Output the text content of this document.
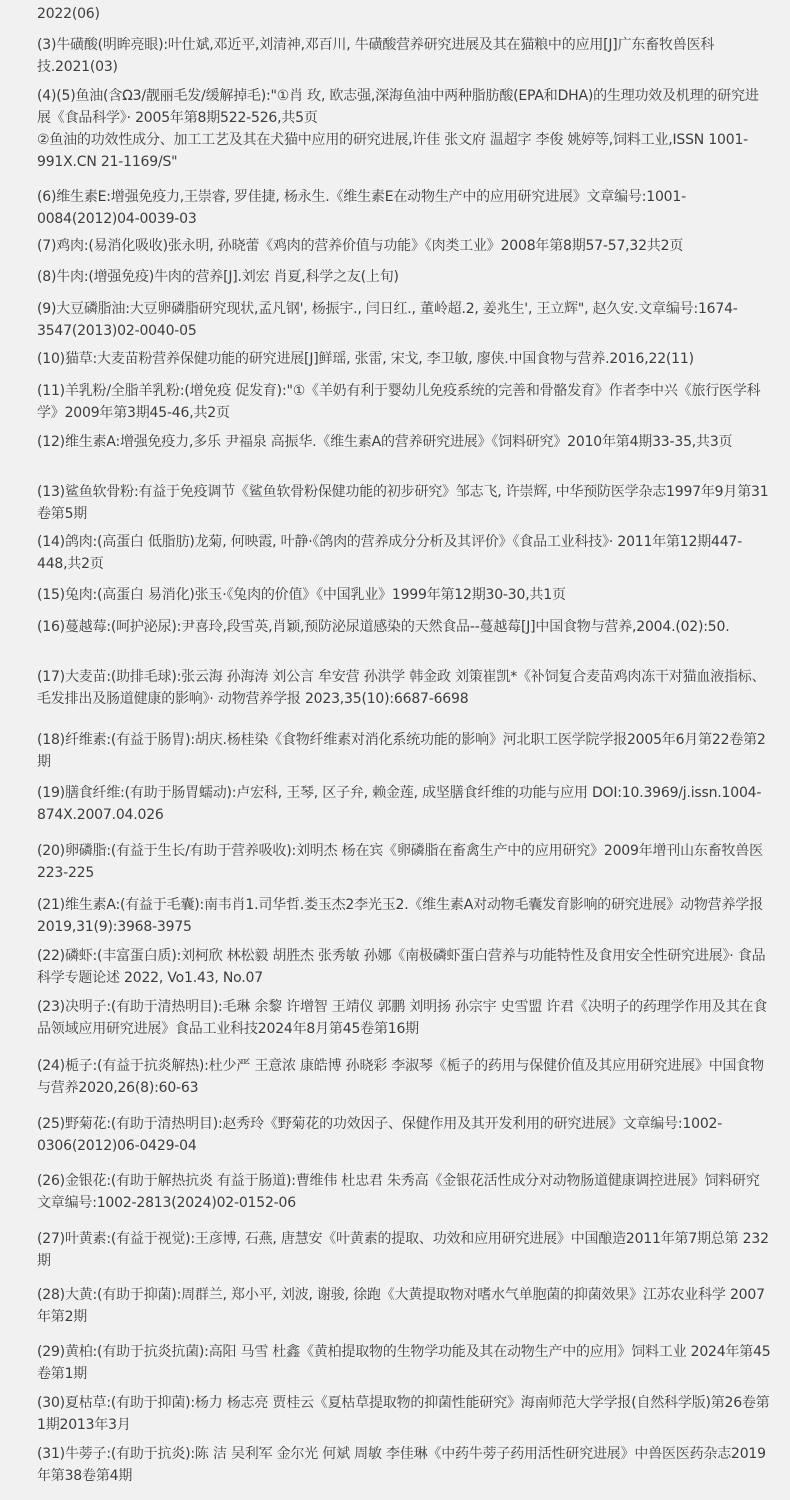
2022(06)

(3)牛磺酸(明眸亮眼):叶仕斌,邓近平,刘清神,邓百川, 牛磺酸营养研究进展及其在猫粮中的应用[J]广东畜牧兽医科技.2021(03)

(4)(5)鱼油(含Ω3/靓丽毛发/缓解掉毛):"①肖 玫, 欧志强,深海鱼油中两种脂肪酸(EPA和DHA)的生理功效及机理的研究进展《食品科学》· 2005年第8期522-526,共5页
②鱼油的功效性成分、加工工艺及其在犬猫中应用的研究进展,许佳 张文府 温超字 李俊 姚婷等,饲料工业,ISSN 1001-991X.CN 21-1169/S"

(6)维生素E:增强免疫力,王崇睿, 罗佳捷, 杨永生.《维生素E在动物生产中的应用研究进展》文章编号:1001-0084(2012)04-0039-03

(7)鸡肉:(易消化吸收)张永明, 孙晓蕾《鸡肉的营养价值与功能》《肉类工业》2008年第8期57-57,32共2页

(8)牛肉:(增强免疫)牛肉的营养[J].刘宏 肖夏,科学之友(上旬)

(9)大豆磷脂油:大豆卵磷脂研究现状,孟凡钢', 杨振宇., 闫日红., 董岭超.2, 姜兆生', 王立辉", 赵久安.文章编号:1674-3547(2013)02-0040-05

(10)猫草:大麦苗粉营养保健功能的研究进展[J]鲜瑶, 张雷, 宋戈, 李卫敏, 廖侠.中国食物与营养.2016,22(11)

(11)羊乳粉/全脂羊乳粉:(增免疫 促发育):"①《羊奶有利于婴幼儿免疫系统的完善和骨骼发育》作者李中兴《旅行医学科学》2009年第3期45-46,共2页

(12)维生素A:增强免疫力,多乐 尹福泉 高振华.《维生素A的营养研究进展》《饲料研究》2010年第4期33-35,共3页

(13)鲨鱼软骨粉:有益于免疫调节《鲨鱼软骨粉保健功能的初步研究》邹志飞, 许崇辉, 中华预防医学杂志1997年9月第31卷第5期

(14)鸽肉:(高蛋白 低脂肪)龙菊, 何映霞, 叶静·《鸽肉的营养成分分析及其评价》《食品工业科技》· 2011年第12期447-448,共2页

(15)兔肉:(高蛋白 易消化)张玉·《兔肉的价值》《中国乳业》1999年第12期30-30,共1页

(16)蔓越莓:(呵护泌尿):尹喜玲,段雪英,肖颖,预防泌尿道感染的天然食品--蔓越莓[J]中国食物与营养,2004.(02):50.

(17)大麦苗:(助排毛球):张云海 孙海涛 刘公言 牟安营 孙洪学 韩金政 刘策崔凯*《补饲复合麦苗鸡肉冻干对猫血液指标、毛发排出及肠道健康的影响》· 动物营养学报 2023,35(10):6687-6698

(18)纤维素:(有益于肠胃):胡庆.杨桂染《食物纤维素对消化系统功能的影响》河北职工医学院学报2005年6月第22卷第2期

(19)膳食纤维:(有助于肠胃蠕动):卢宏科, 王琴, 区子弁, 赖金莲, 成坚膳食纤维的功能与应用 DOI:10.3969/j.issn.1004-874X.2007.04.026

(20)卵磷脂:(有益于生长/有助于营养吸收):刘明杰 杨在宾《卵磷脂在畜禽生产中的应用研究》2009年增刊山东畜牧兽医223-225

(21)维生素A:(有益于毛囊):南韦肖1.司华哲.娄玉杰2李光玉2.《维生素A对动物毛囊发育影响的研究进展》动物营养学报 2019,31(9):3968-3975

(22)磷虾:(丰富蛋白质):刘柯欣 林松毅 胡胜杰 张秀敏 孙娜《南极磷虾蛋白营养与功能特性及食用安全性研究进展》· 食品科学专题论述 2022, Vo1.43, No.07

(23)决明子:(有助于清热明目):毛琳 余黎 许增智 王靖仪 郭鹏 刘明扬 孙宗宇 史雪盟 许君《决明子的药理学作用及其在食品领域应用研究进展》食品工业科技2024年8月第45卷第16期

(24)栀子:(有益于抗炎解热):杜少严 王意浓 康皓博 孙晓彩 李淑琴《栀子的药用与保健价值及其应用研究进展》中国食物与营养2020,26(8):60-63

(25)野菊花:(有助于清热明目):赵秀玲《野菊花的功效因子、保健作用及其开发利用的研究进展》文章编号:1002-0306(2012)06-0429-04

(26)金银花:(有助于解热抗炎 有益于肠道):曹维伟 杜忠君 朱秀高《金银花活性成分对动物肠道健康调控进展》饲料研究 文章编号:1002-2813(2024)02-0152-06

(27)叶黄素:(有益于视觉):王彦博, 石燕, 唐慧安《叶黄素的提取、功效和应用研究进展》中国酿造2011年第7期总第 232 期

(28)大黄:(有助于抑菌):周群兰, 郑小平, 刘波, 谢骏, 徐跑《大黄提取物对嗜水气单胞菌的抑菌效果》江苏农业科学 2007年第2期

(29)黄柏:(有助于抗炎抗菌):高阳 马雪 杜鑫《黄柏提取物的生物学功能及其在动物生产中的应用》饲料工业 2024年第45卷第1期

(30)夏枯草:(有助于抑菌):杨力 杨志亮 贾桂云《夏枯草提取物的抑菌性能研究》海南师范大学学报(自然科学版)第26卷第1期2013年3月

(31)牛蒡子:(有助于抗炎):陈 洁 吴利军 金尔光 何斌 周敏 李佳琳《中药牛蒡子药用活性研究进展》中兽医医药杂志2019年第38卷第4期
